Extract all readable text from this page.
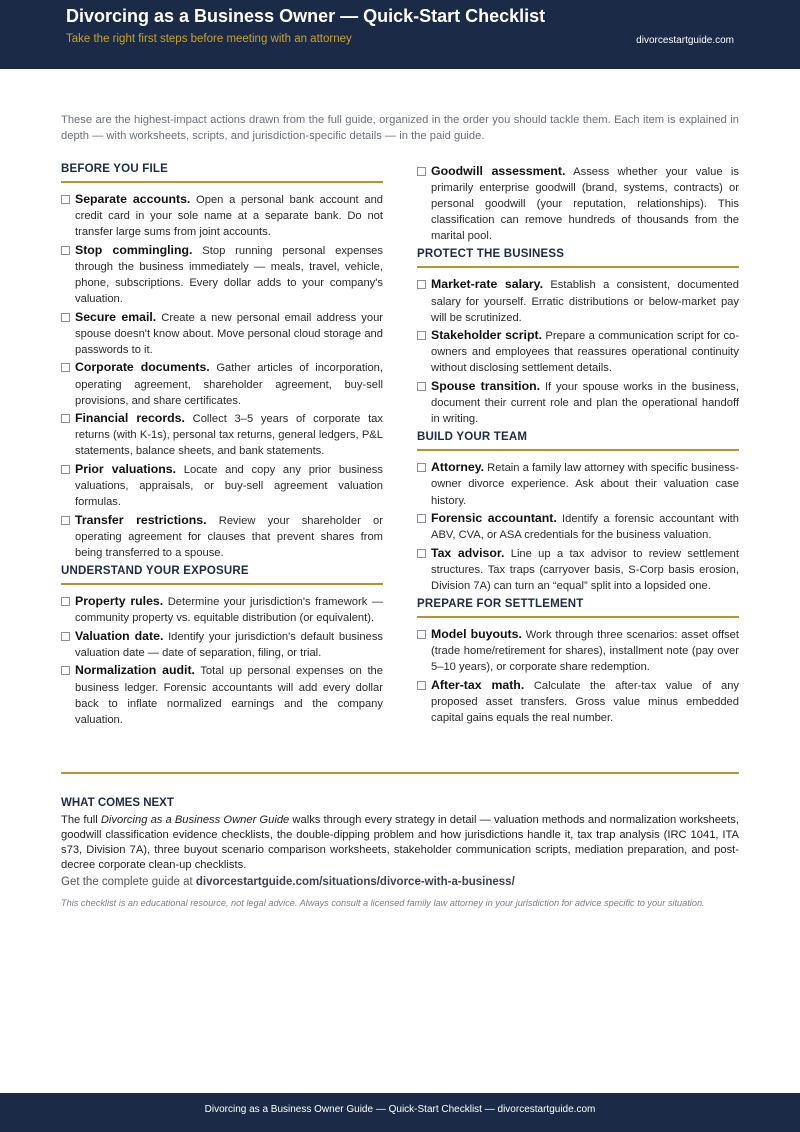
Divorcing as a Business Owner — Quick-Start Checklist
Take the right first steps before meeting with an attorney	divorcestartguide.com

These are the highest-impact actions drawn from the full guide, organized in the order you should tackle them. Each item is explained in depth — with worksheets, scripts, and jurisdiction-specific details — in the paid guide.

BEFORE YOU FILE
Separate accounts. Open a personal bank account and credit card in your sole name at a separate bank. Do not transfer large sums from joint accounts.
Stop commingling. Stop running personal expenses through the business immediately — meals, travel, vehicle, phone, subscriptions. Every dollar adds to your company's valuation.
Secure email. Create a new personal email address your spouse doesn't know about. Move personal cloud storage and passwords to it.
Corporate documents. Gather articles of incorporation, operating agreement, shareholder agreement, buy-sell provisions, and share certificates.
Financial records. Collect 3–5 years of corporate tax returns (with K-1s), personal tax returns, general ledgers, P&L statements, balance sheets, and bank statements.
Prior valuations. Locate and copy any prior business valuations, appraisals, or buy-sell agreement valuation formulas.
Transfer restrictions. Review your shareholder or operating agreement for clauses that prevent shares from being transferred to a spouse.
UNDERSTAND YOUR EXPOSURE
Property rules. Determine your jurisdiction's framework — community property vs. equitable distribution (or equivalent).
Valuation date. Identify your jurisdiction's default business valuation date — date of separation, filing, or trial.
Normalization audit. Total up personal expenses on the business ledger. Forensic accountants will add every dollar back to inflate normalized earnings and the company valuation.
Goodwill assessment. Assess whether your value is primarily enterprise goodwill (brand, systems, contracts) or personal goodwill (your reputation, relationships). This classification can remove hundreds of thousands from the marital pool.
PROTECT THE BUSINESS
Market-rate salary. Establish a consistent, documented salary for yourself. Erratic distributions or below-market pay will be scrutinized.
Stakeholder script. Prepare a communication script for co-owners and employees that reassures operational continuity without disclosing settlement details.
Spouse transition. If your spouse works in the business, document their current role and plan the operational handoff in writing.
BUILD YOUR TEAM
Attorney. Retain a family law attorney with specific business-owner divorce experience. Ask about their valuation case history.
Forensic accountant. Identify a forensic accountant with ABV, CVA, or ASA credentials for the business valuation.
Tax advisor. Line up a tax advisor to review settlement structures. Tax traps (carryover basis, S-Corp basis erosion, Division 7A) can turn an “equal” split into a lopsided one.
PREPARE FOR SETTLEMENT
Model buyouts. Work through three scenarios: asset offset (trade home/retirement for shares), installment note (pay over 5–10 years), or corporate share redemption.
After-tax math. Calculate the after-tax value of any proposed asset transfers. Gross value minus embedded capital gains equals the real number.
WHAT COMES NEXT

The full Divorcing as a Business Owner Guide walks through every strategy in detail — valuation methods and normalization worksheets, goodwill classification evidence checklists, the double-dipping problem and how jurisdictions handle it, tax trap analysis (IRC 1041, ITA s73, Division 7A), three buyout scenario comparison worksheets, stakeholder communication scripts, mediation preparation, and post-decree corporate clean-up checklists.

Get the complete guide at divorcestartguide.com/situations/divorce-with-a-business/

This checklist is an educational resource, not legal advice. Always consult a licensed family law attorney in your jurisdiction for advice specific to your situation.

Divorcing as a Business Owner Guide — Quick-Start Checklist — divorcestartguide.com
